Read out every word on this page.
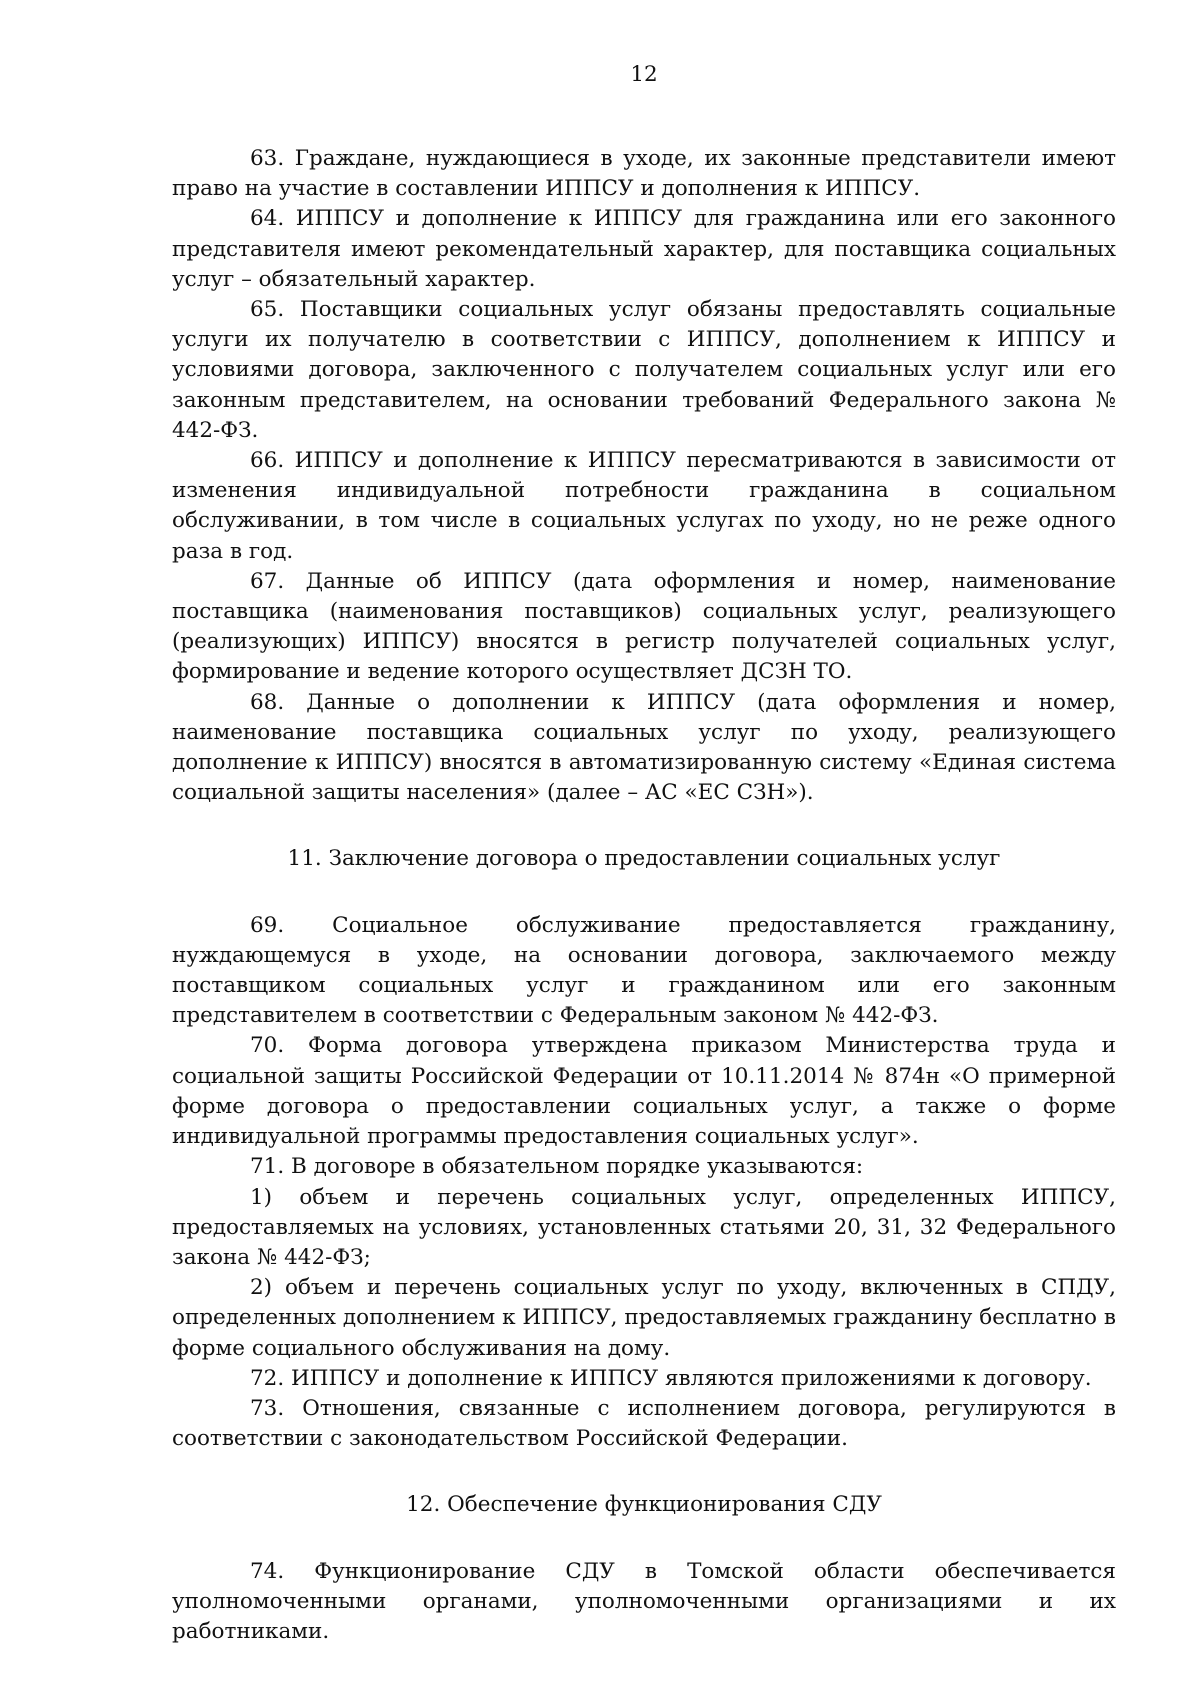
12

63. Граждане, нуждающиеся в уходе, их законные представители имеют право на участие в составлении ИППСУ и дополнения к ИППСУ.

64. ИППСУ и дополнение к ИППСУ для гражданина или его законного представителя имеют рекомендательный характер, для поставщика социальных услуг – обязательный характер.

65. Поставщики социальных услуг обязаны предоставлять социальные услуги их получателю в соответствии с ИППСУ, дополнением к ИППСУ и условиями договора, заключенного с получателем социальных услуг или его законным представителем, на основании требований Федерального закона № 442-ФЗ.

66. ИППСУ и дополнение к ИППСУ пересматриваются в зависимости от изменения индивидуальной потребности гражданина в социальном обслуживании, в том числе в социальных услугах по уходу, но не реже одного раза в год.

67. Данные об ИППСУ (дата оформления и номер, наименование поставщика (наименования поставщиков) социальных услуг, реализующего (реализующих) ИППСУ) вносятся в регистр получателей социальных услуг, формирование и ведение которого осуществляет ДСЗН ТО.

68. Данные о дополнении к ИППСУ (дата оформления и номер, наименование поставщика социальных услуг по уходу, реализующего дополнение к ИППСУ) вносятся в автоматизированную систему «Единая система социальной защиты населения» (далее – АС «ЕС СЗН»).

11. Заключение договора о предоставлении социальных услуг

69. Социальное обслуживание предоставляется гражданину, нуждающемуся в уходе, на основании договора, заключаемого между поставщиком социальных услуг и гражданином или его законным представителем в соответствии с Федеральным законом № 442-ФЗ.

70. Форма договора утверждена приказом Министерства труда и социальной защиты Российской Федерации от 10.11.2014 № 874н «О примерной форме договора о предоставлении социальных услуг, а также о форме индивидуальной программы предоставления социальных услуг».

71. В договоре в обязательном порядке указываются:

1) объем и перечень социальных услуг, определенных ИППСУ, предоставляемых на условиях, установленных статьями 20, 31, 32 Федерального закона № 442-ФЗ;

2) объем и перечень социальных услуг по уходу, включенных в СПДУ, определенных дополнением к ИППСУ, предоставляемых гражданину бесплатно в форме социального обслуживания на дому.

72. ИППСУ и дополнение к ИППСУ являются приложениями к договору.

73. Отношения, связанные с исполнением договора, регулируются в соответствии с законодательством Российской Федерации.

12. Обеспечение функционирования СДУ

74. Функционирование СДУ в Томской области обеспечивается уполномоченными органами, уполномоченными организациями и их работниками.
